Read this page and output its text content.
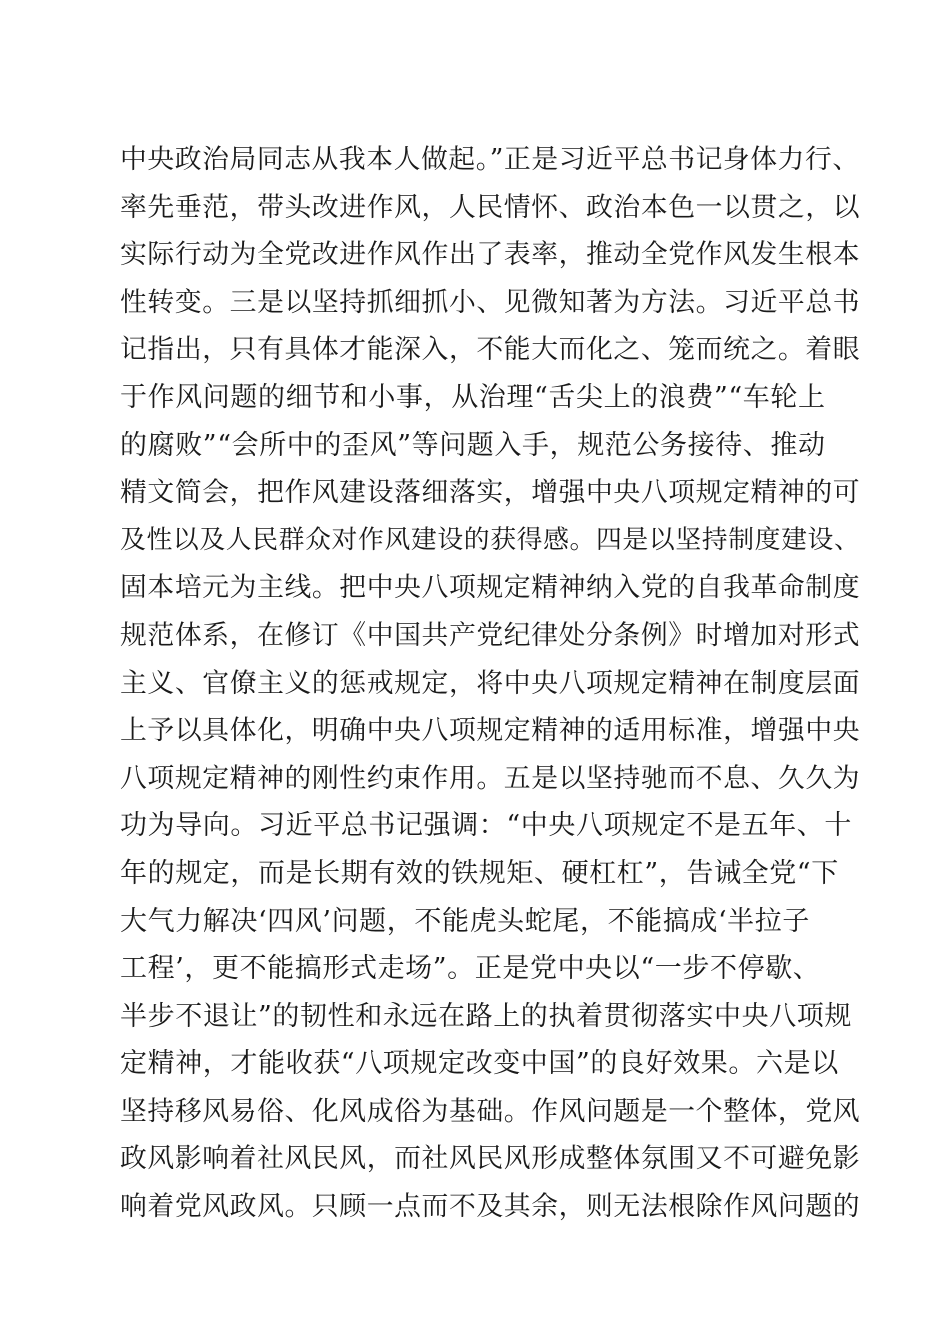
中央政治局同志从我本人做起。”正是习近平总书记身体力行、
率先垂范，带头改进作风，人民情怀、政治本色一以贯之，以
实际行动为全党改进作风作出了表率，推动全党作风发生根本
性转变。三是以坚持抓细抓小、见微知著为方法。习近平总书
记指出，只有具体才能深入，不能大而化之、笼而统之。着眼
于作风问题的细节和小事，从治理“舌尖上的浪费”“车轮上
的腐败”“会所中的歪风”等问题入手，规范公务接待、推动
精文简会，把作风建设落细落实，增强中央八项规定精神的可
及性以及人民群众对作风建设的获得感。四是以坚持制度建设、
固本培元为主线。把中央八项规定精神纳入党的自我革命制度
规范体系，在修订《中国共产党纪律处分条例》时增加对形式
主义、官僚主义的惩戒规定，将中央八项规定精神在制度层面
上予以具体化，明确中央八项规定精神的适用标准，增强中央
八项规定精神的刚性约束作用。五是以坚持驰而不息、久久为
功为导向。习近平总书记强调：“中央八项规定不是五年、十
年的规定，而是长期有效的铁规矩、硬杠杠”，告诫全党“下
大气力解决‘四风’问题，不能虎头蛇尾，不能搞成‘半拉子
工程’，更不能搞形式走场”。正是党中央以“一步不停歇、
半步不退让”的韧性和永远在路上的执着贯彻落实中央八项规
定精神，才能收获“八项规定改变中国”的良好效果。六是以
坚持移风易俗、化风成俗为基础。作风问题是一个整体，党风
政风影响着社风民风，而社风民风形成整体氛围又不可避免影
响着党风政风。只顾一点而不及其余，则无法根除作风问题的
